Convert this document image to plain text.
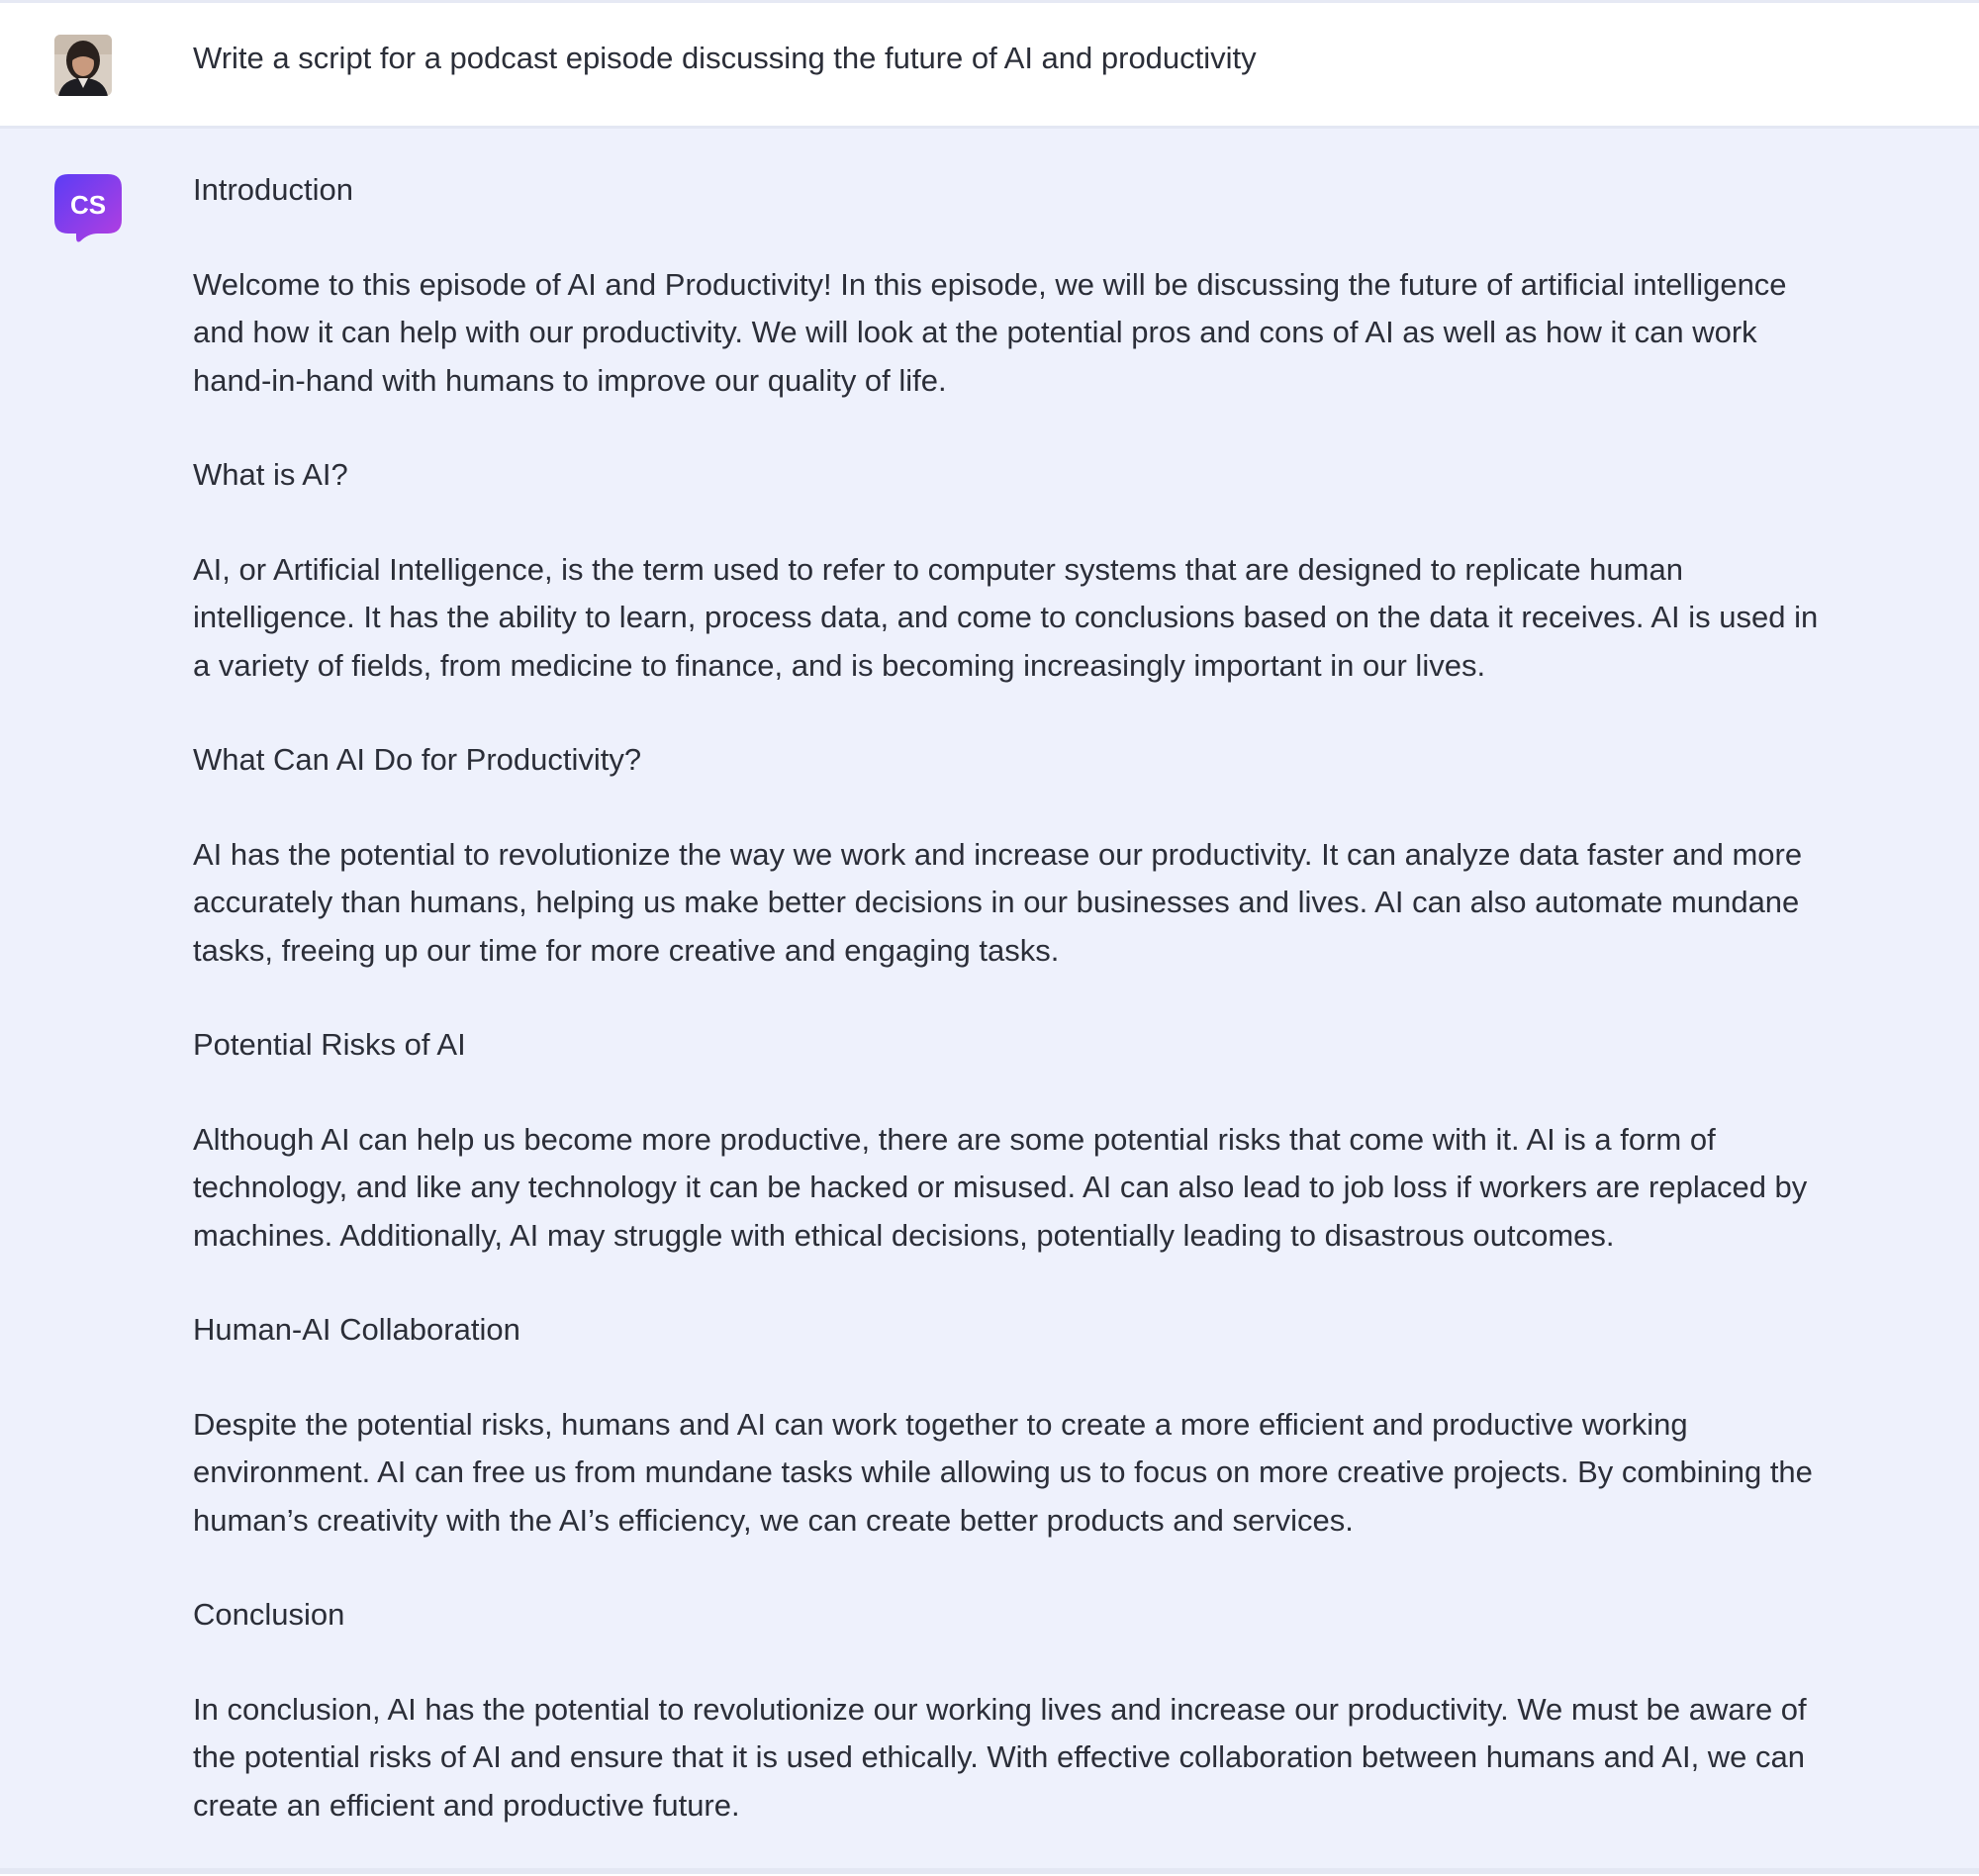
Write a script for a podcast episode discussing the future of AI and productivity
CS	Introduction

Welcome to this episode of AI and Productivity! In this episode, we will be discussing the future of artificial intelligence and how it can help with our productivity. We will look at the potential pros and cons of AI as well as how it can work hand-in-hand with humans to improve our quality of life.

What is AI?

AI, or Artificial Intelligence, is the term used to refer to computer systems that are designed to replicate human intelligence. It has the ability to learn, process data, and come to conclusions based on the data it receives. AI is used in a variety of fields, from medicine to finance, and is becoming increasingly important in our lives.

What Can AI Do for Productivity?

AI has the potential to revolutionize the way we work and increase our productivity. It can analyze data faster and more accurately than humans, helping us make better decisions in our businesses and lives. AI can also automate mundane tasks, freeing up our time for more creative and engaging tasks.

Potential Risks of AI

Although AI can help us become more productive, there are some potential risks that come with it. AI is a form of technology, and like any technology it can be hacked or misused. AI can also lead to job loss if workers are replaced by machines. Additionally, AI may struggle with ethical decisions, potentially leading to disastrous outcomes.

Human-AI Collaboration

Despite the potential risks, humans and AI can work together to create a more efficient and productive working environment. AI can free us from mundane tasks while allowing us to focus on more creative projects. By combining the human’s creativity with the AI’s efficiency, we can create better products and services.

Conclusion

In conclusion, AI has the potential to revolutionize our working lives and increase our productivity. We must be aware of the potential risks of AI and ensure that it is used ethically. With effective collaboration between humans and AI, we can create an efficient and productive future.
